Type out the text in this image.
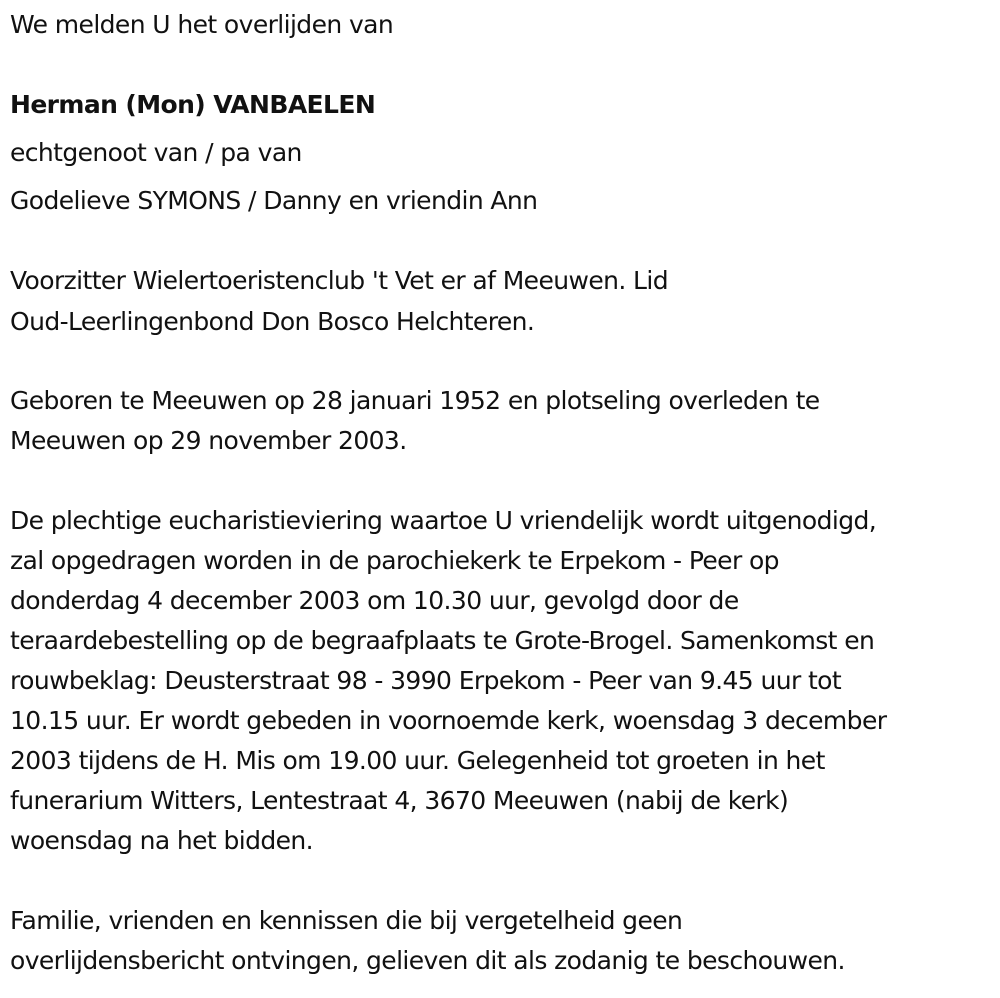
We melden U het overlijden van
Herman (Mon) VANBAELEN
echtgenoot van / pa van
Godelieve SYMONS / Danny en vriendin Ann
Voorzitter Wielertoeristenclub 't Vet er af Meeuwen. Lid
Oud-Leerlingenbond Don Bosco Helchteren.
Geboren te Meeuwen op 28 januari 1952 en plotseling overleden te
Meeuwen op 29 november 2003.
De plechtige eucharistieviering waartoe U vriendelijk wordt uitgenodigd,
zal opgedragen worden in de parochiekerk te Erpekom - Peer op
donderdag 4 december 2003 om 10.30 uur, gevolgd door de
teraardebestelling op de begraafplaats te Grote-Brogel. Samenkomst en
rouwbeklag: Deusterstraat 98 - 3990 Erpekom - Peer van 9.45 uur tot
10.15 uur. Er wordt gebeden in voornoemde kerk, woensdag 3 december
2003 tijdens de H. Mis om 19.00 uur. Gelegenheid tot groeten in het
funerarium Witters, Lentestraat 4, 3670 Meeuwen (nabij de kerk)
woensdag na het bidden.
Familie, vrienden en kennissen die bij vergetelheid geen
overlijdensbericht ontvingen, gelieven dit als zodanig te beschouwen.
